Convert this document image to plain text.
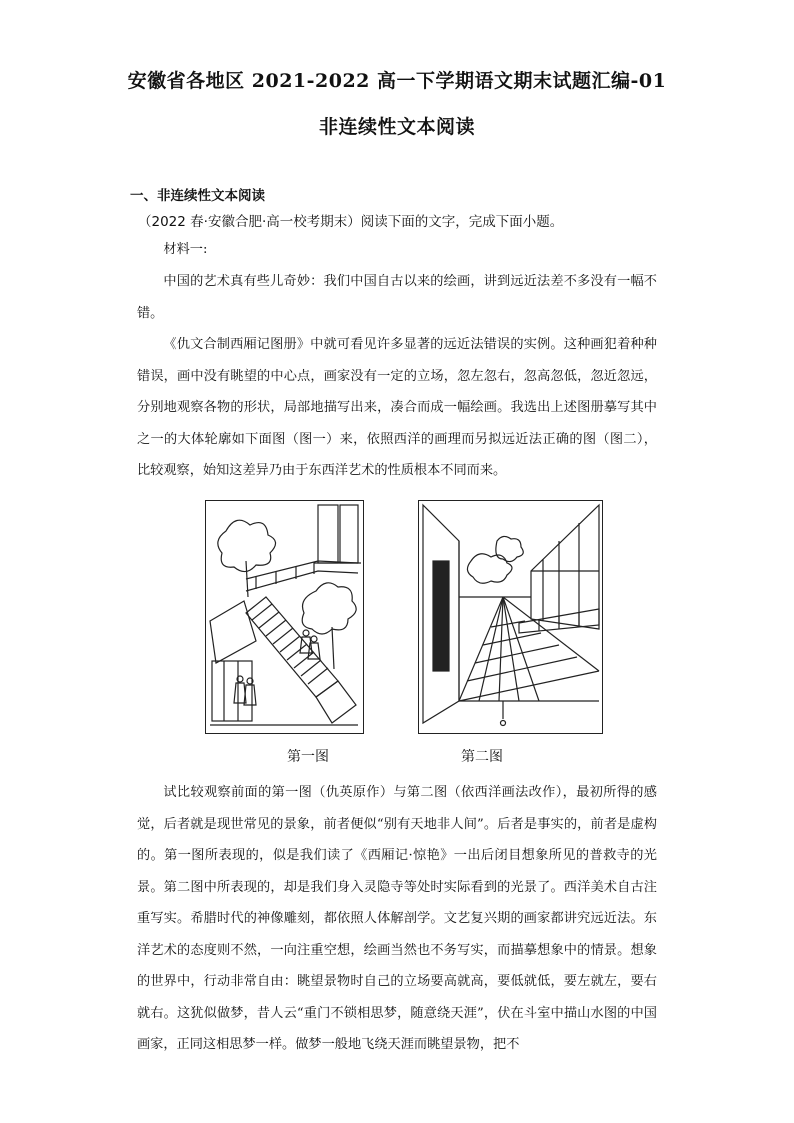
安徽省各地区 2021-2022 高一下学期语文期末试题汇编-01
非连续性文本阅读
一、非连续性文本阅读
（2022 春·安徽合肥·高一校考期末）阅读下面的文字，完成下面小题。
材料一:
中国的艺术真有些儿奇妙：我们中国自古以来的绘画，讲到远近法差不多没有一幅不错。
《仇文合制西厢记图册》中就可看见许多显著的远近法错误的实例。这种画犯着种种错误，画中没有眺望的中心点，画家没有一定的立场，忽左忽右，忽高忽低，忽近忽远，分别地观察各物的形状，局部地描写出来，凑合而成一幅绘画。我选出上述图册摹写其中之一的大体轮廓如下面图（图一）来，依照西洋的画理而另拟远近法正确的图（图二），比较观察，始知这差异乃由于东西洋艺术的性质根本不同而来。
第一图	第二图
试比较观察前面的第一图（仇英原作）与第二图（依西洋画法改作），最初所得的感觉，后者就是现世常见的景象，前者便似“别有天地非人间”。后者是事实的，前者是虚构的。第一图所表现的，似是我们读了《西厢记·惊艳》一出后闭目想象所见的普救寺的光景。第二图中所表现的，却是我们身入灵隐寺等处时实际看到的光景了。西洋美术自古注重写实。希腊时代的神像雕刻，都依照人体解剖学。文艺复兴期的画家都讲究远近法。东洋艺术的态度则不然，一向注重空想，绘画当然也不务写实，而描摹想象中的情景。想象的世界中，行动非常自由：眺望景物时自己的立场要高就高，要低就低，要左就左，要右就右。这犹似做梦，昔人云“重门不锁相思梦，随意绕天涯”，伏在斗室中描山水图的中国画家，正同这相思梦一样。做梦一般地飞绕天涯而眺望景物，把不
